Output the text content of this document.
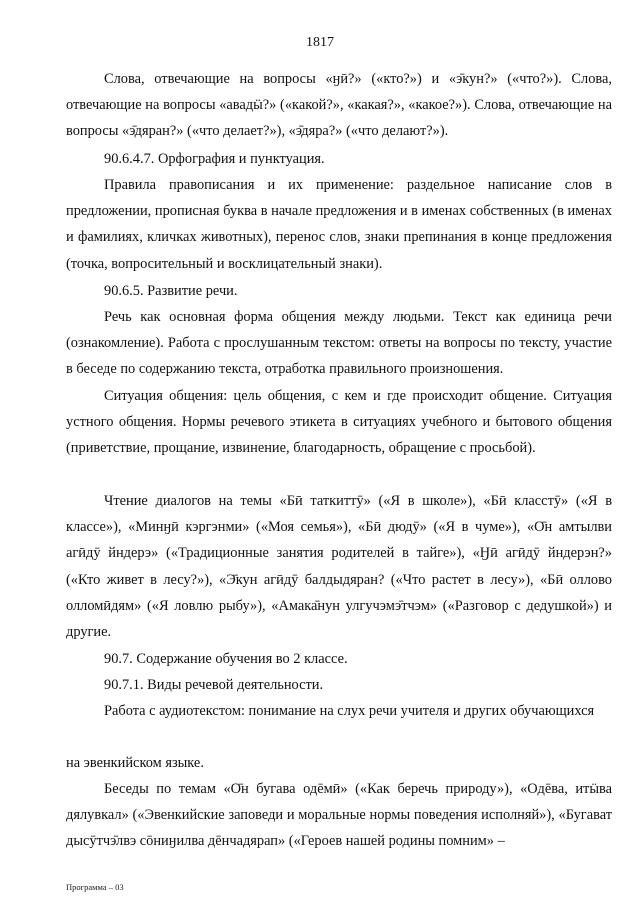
1817

Слова, отвечающие на вопросы «ӈӣ?» («кто?») и «э̄кун?» («что?»). Слова, отвечающие на вопросы «авадӹ?» («какой?», «какая?», «какое?»). Слова, отвечающие на вопросы «э̄дяран?» («что делает?»), «э̄дяра?» («что делают?»).

90.6.4.7. Орфография и пунктуация.

Правила правописания и их применение: раздельное написание слов в предложении, прописная буква в начале предложения и в именах собственных (в именах и фамилиях, кличках животных), перенос слов, знаки препинания в конце предложения (точка, вопросительный и восклицательный знаки).

90.6.5. Развитие речи.

Речь как основная форма общения между людьми. Текст как единица речи (ознакомление). Работа с прослушанным текстом: ответы на вопросы по тексту, участие в беседе по содержанию текста, отработка правильного произношения.

Ситуация общения: цель общения, с кем и где происходит общение. Ситуация устного общения. Нормы речевого этикета в ситуациях учебного и бытового общения (приветствие, прощание, извинение, благодарность, обращение с просьбой).

Чтение диалогов на темы «Бӣ таткиттӯ» («Я в школе»), «Бӣ класстӯ» («Я в классе»), «Минӈӣ кэргэнми» («Моя семья»), «Бӣ дюдӯ» («Я в чуме»), «О̄н амтылви агӣдӯ йндерэ» («Традиционные занятия родителей в тайге»), «Ӈӣ агӣдӯ йндерэн?» («Кто живет в лесу?»), «Э̄кун агӣдӯ балдыдяран? («Что растет в лесу»), «Бӣ оллово олломӣдям» («Я ловлю рыбу»), «Амака̄нун улгучэмэ̄тчэм» («Разговор с дедушкой») и другие.

90.7. Содержание обучения во 2 классе.

90.7.1. Виды речевой деятельности.

Работа с аудиотекстом: понимание на слух речи учителя и других обучающихся

на эвенкийском языке.

Беседы по темам «О̄н бугава одēмӣ» («Как беречь природу»), «Одēва, итӹва дялувкал» («Эвенкийские заповеди и моральные нормы поведения исполняй»), «Бугават дысӯтчэ̄лвэ сōниӈилва дēнчадярап» («Героев нашей родины помним» –

Программа – 03
